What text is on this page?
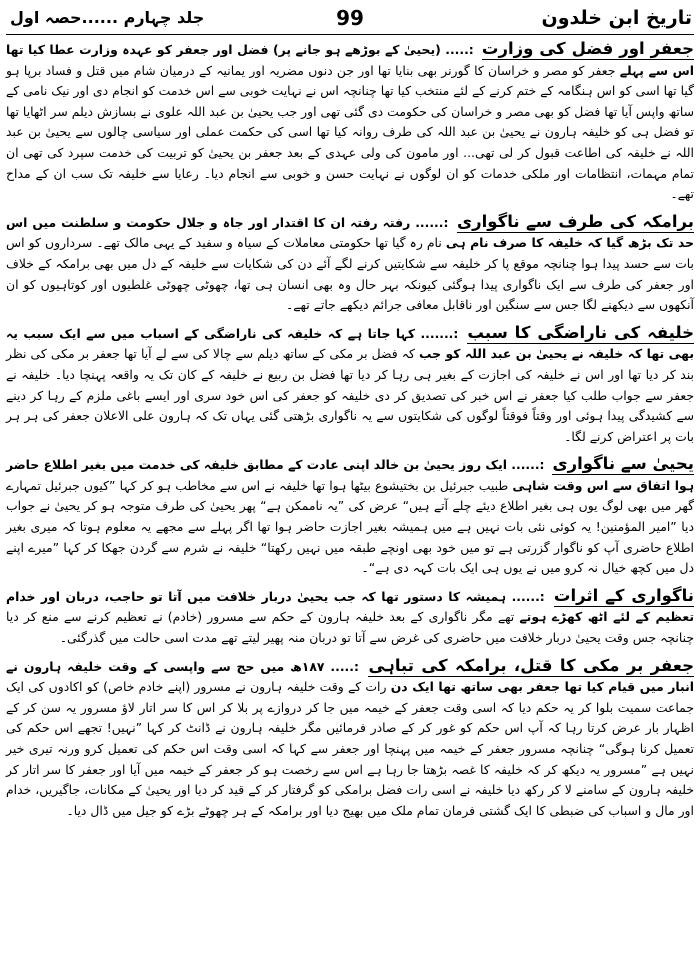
تاریخ ابن خلدون
99
جلد چہارم ......حصہ اول

جعفر اور فضل کی وزارت :..... (یحییٰ کے بوڑھے ہو جانے پر) فضل اور جعفر کو عہدہ وزارت عطا کیا تھا اس سے پہلے جعفر کو مصر و خراسان کا گورنر بھی بنایا تھا اور جن دنوں مضریہ اور یمانیہ کے درمیان شام میں قتل و فساد برپا ہو گیا تھا اسی کو اس ہنگامہ کے ختم کرنے کے لئے منتخب کیا تھا چنانچہ اس نے نہایت خوبی سے اس خدمت کو انجام دی اور نیک نامی کے ساتھ واپس آیا تھا فضل کو بھی مصر و خراسان کی حکومت دی گئی تھی اور جب یحییٰ بن عبد اللہ علوی نے بسازش دیلم سر اٹھایا تھا تو فضل ہی کو خلیفہ ہارون نے یحییٰ بن عبد اللہ کی طرف روانہ کیا تھا اسی کی حکمت عملی اور سیاسی چالوں سے یحییٰ بن عبد اللہ نے خلیفہ کی اطاعت قبول کر لی تھی... اور مامون کی ولی عہدی کے بعد جعفر بن یحییٰ کو تربیت کی خدمت سپرد کی تھی ان تمام مہمات، انتظامات اور ملکی خدمات کو ان لوگوں نے نہایت حسن و خوبی سے انجام دیا۔ رعایا سے خلیفہ تک سب ان کے مداح تھے۔

برامکہ کی طرف سے ناگواری :...... رفتہ رفتہ ان کا اقتدار اور جاہ و جلال حکومت و سلطنت میں اس حد تک بڑھ گیا کہ خلیفہ کا صرف نام ہی نام رہ گیا تھا حکومتی معاملات کے سیاہ و سفید کے یہی مالک تھے۔ سرداروں کو اس بات سے حسد پیدا ہوا چنانچہ موقع پا کر خلیفہ سے شکایتیں کرنے لگے آئے دن کی شکایات سے خلیفہ کے دل میں بھی برامکہ کے خلاف اور جعفر کی طرف سے ایک ناگواری پیدا ہوگئی کیونکہ بہر حال وہ بھی انسان ہی تھا، چھوٹی چھوٹی غلطیوں اور کوتاہیوں کو ان آنکھوں سے دیکھنے لگا جس سے سنگین اور ناقابل معافی جرائم دیکھے جاتے تھے۔

خلیفہ کی ناراضگی کا سبب :....... کہا جاتا ہے کہ خلیفہ کی ناراضگی کے اسباب میں سے ایک سبب یہ بھی تھا کہ خلیفہ نے یحییٰ بن عبد اللہ کو جب کہ فضل بر مکی کے ساتھ دیلم سے چالا کی سے لے آیا تھا جعفر بر مکی کی نظر بند کر دیا تھا اور اس نے خلیفہ کی اجازت کے بغیر ہی رہا کر دیا تھا فضل بن ربیع نے خلیفہ کے کان تک یہ واقعہ پہنچا دیا۔ خلیفہ نے جعفر سے جواب طلب کیا جعفر نے اس خبر کی تصدیق کر دی خلیفہ کو جعفر کی اس خود سری اور ایسے باغی ملزم کے رہا کر دینے سے کشیدگی پیدا ہوئی اور وقتاً فوقتاً لوگوں کی شکایتوں سے یہ ناگواری بڑھتی گئی یہاں تک کہ ہارون علی الاعلان جعفر کی ہر ہر بات پر اعتراض کرنے لگا۔

یحییٰ سے ناگواری :...... ایک روز یحییٰ بن خالد اپنی عادت کے مطابق خلیفہ کی خدمت میں بغیر اطلاع حاضر ہوا اتفاق سے اس وقت شاہی طبیب جبرئیل بن بختیشوع بیٹھا ہوا تھا خلیفہ نے اس سے مخاطب ہو کر کہا ”کیوں جبرئیل تمہارے گھر میں بھی لوگ یوں ہی بغیر اطلاع دیئے چلے آتے ہیں“ عرض کی ”یہ ناممکن ہے“ پھر یحییٰ کی طرف متوجہ ہو کر یحییٰ نے جواب دیا ”امیر المؤمنین! یہ کوئی نئی بات نہیں ہے میں ہمیشہ بغیر اجازت حاضر ہوا تھا اگر پہلے سے مجھے یہ معلوم ہوتا کہ میری بغیر اطلاع حاضری آپ کو ناگوار گزرتی ہے تو میں خود بھی اونچے طبقہ میں نہیں رکھتا“ خلیفہ نے شرم سے گردن جھکا کر کہا ”میرے اپنے دل میں کچھ خیال نہ کرو میں نے یوں ہی ایک بات کہہ دی ہے“۔

ناگواری کے اثرات :...... ہمیشہ کا دستور تھا کہ جب یحییٰ دربار خلافت میں آتا تو حاجب، دربان اور خدام تعظیم کے لئے اٹھ کھڑے ہوتے تھے مگر ناگواری کے بعد خلیفہ ہارون کے حکم سے مسرور (خادم) نے تعظیم کرنے سے منع کر دیا چنانچہ جس وقت یحییٰ دربار خلافت میں حاضری کی غرض سے آتا تو دربان منہ پھیر لیتے تھے مدت اسی حالت میں گذرگئی۔

جعفر بر مکی کا قتل، برامکہ کی تباہی :..... ۱۸۷ھ میں حج سے واپسی کے وقت خلیفہ ہارون نے انبار میں قیام کیا تھا جعفر بھی ساتھ تھا ایک دن رات کے وقت خلیفہ ہارون نے مسرور (اپنے خادم خاص) کو اکادوں کی ایک جماعت سمیت بلوا کر یہ حکم دیا کہ اسی وقت جعفر کے خیمہ میں جا کر دروازے پر بلا کر اس کا سر اتار لاؤ مسرور یہ سن کر کے اظہار بار عرض کرتا رہا کہ آپ اس حکم کو غور کر کے صادر فرمائیں مگر خلیفہ ہارون نے ڈانٹ کر کہا ”نہیں! تجھے اس حکم کی تعمیل کرنا ہوگی“ چنانچہ مسرور جعفر کے خیمہ میں پہنچا اور جعفر سے کہا کہ اسی وقت اس حکم کی تعمیل کرو ورنہ تیری خیر نہیں ہے ”مسرور یہ دیکھ کر کہ خلیفہ کا غصہ بڑھتا جا رہا ہے اس سے رخصت ہو کر جعفر کے خیمہ میں آیا اور جعفر کا سر اتار کر خلیفہ ہارون کے سامنے لا کر رکھ دیا خلیفہ نے اسی رات فضل برامکی کو گرفتار کر کے قید کر دیا اور یحییٰ کے مکانات، جاگیریں، خدام اور مال و اسباب کی ضبطی کا ایک گشتی فرمان تمام ملک میں بھیج دیا اور برامکہ کے ہر چھوٹے بڑے کو جیل میں ڈال دیا۔
